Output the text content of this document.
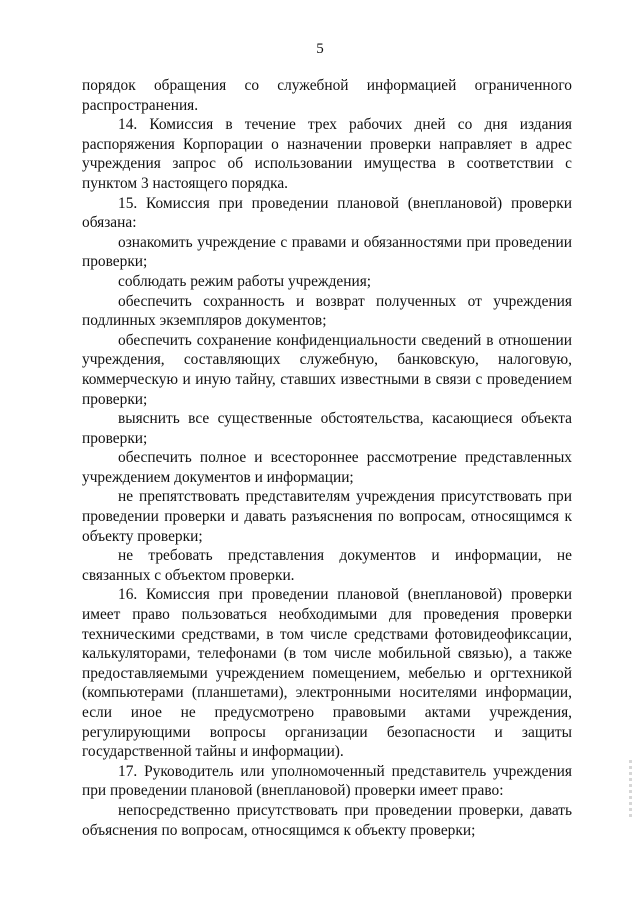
5

порядок обращения со служебной информацией ограниченного распространения.

14. Комиссия в течение трех рабочих дней со дня издания распоряжения Корпорации о назначении проверки направляет в адрес учреждения запрос об использовании имущества в соответствии с пунктом 3 настоящего порядка.

15. Комиссия при проведении плановой (внеплановой) проверки обязана:

ознакомить учреждение с правами и обязанностями при проведении проверки;

соблюдать режим работы учреждения;

обеспечить сохранность и возврат полученных от учреждения подлинных экземпляров документов;

обеспечить сохранение конфиденциальности сведений в отношении учреждения, составляющих служебную, банковскую, налоговую, коммерческую и иную тайну, ставших известными в связи с проведением проверки;

выяснить все существенные обстоятельства, касающиеся объекта проверки;

обеспечить полное и всестороннее рассмотрение представленных учреждением документов и информации;

не препятствовать представителям учреждения присутствовать при проведении проверки и давать разъяснения по вопросам, относящимся к объекту проверки;

не требовать представления документов и информации, не связанных с объектом проверки.

16. Комиссия при проведении плановой (внеплановой) проверки имеет право пользоваться необходимыми для проведения проверки техническими средствами, в том числе средствами фотовидеофиксации, калькуляторами, телефонами (в том числе мобильной связью), а также предоставляемыми учреждением помещением, мебелью и оргтехникой (компьютерами (планшетами), электронными носителями информации, если иное не предусмотрено правовыми актами учреждения, регулирующими вопросы организации безопасности и защиты государственной тайны и информации).

17. Руководитель или уполномоченный представитель учреждения при проведении плановой (внеплановой) проверки имеет право:

непосредственно присутствовать при проведении проверки, давать объяснения по вопросам, относящимся к объекту проверки;
